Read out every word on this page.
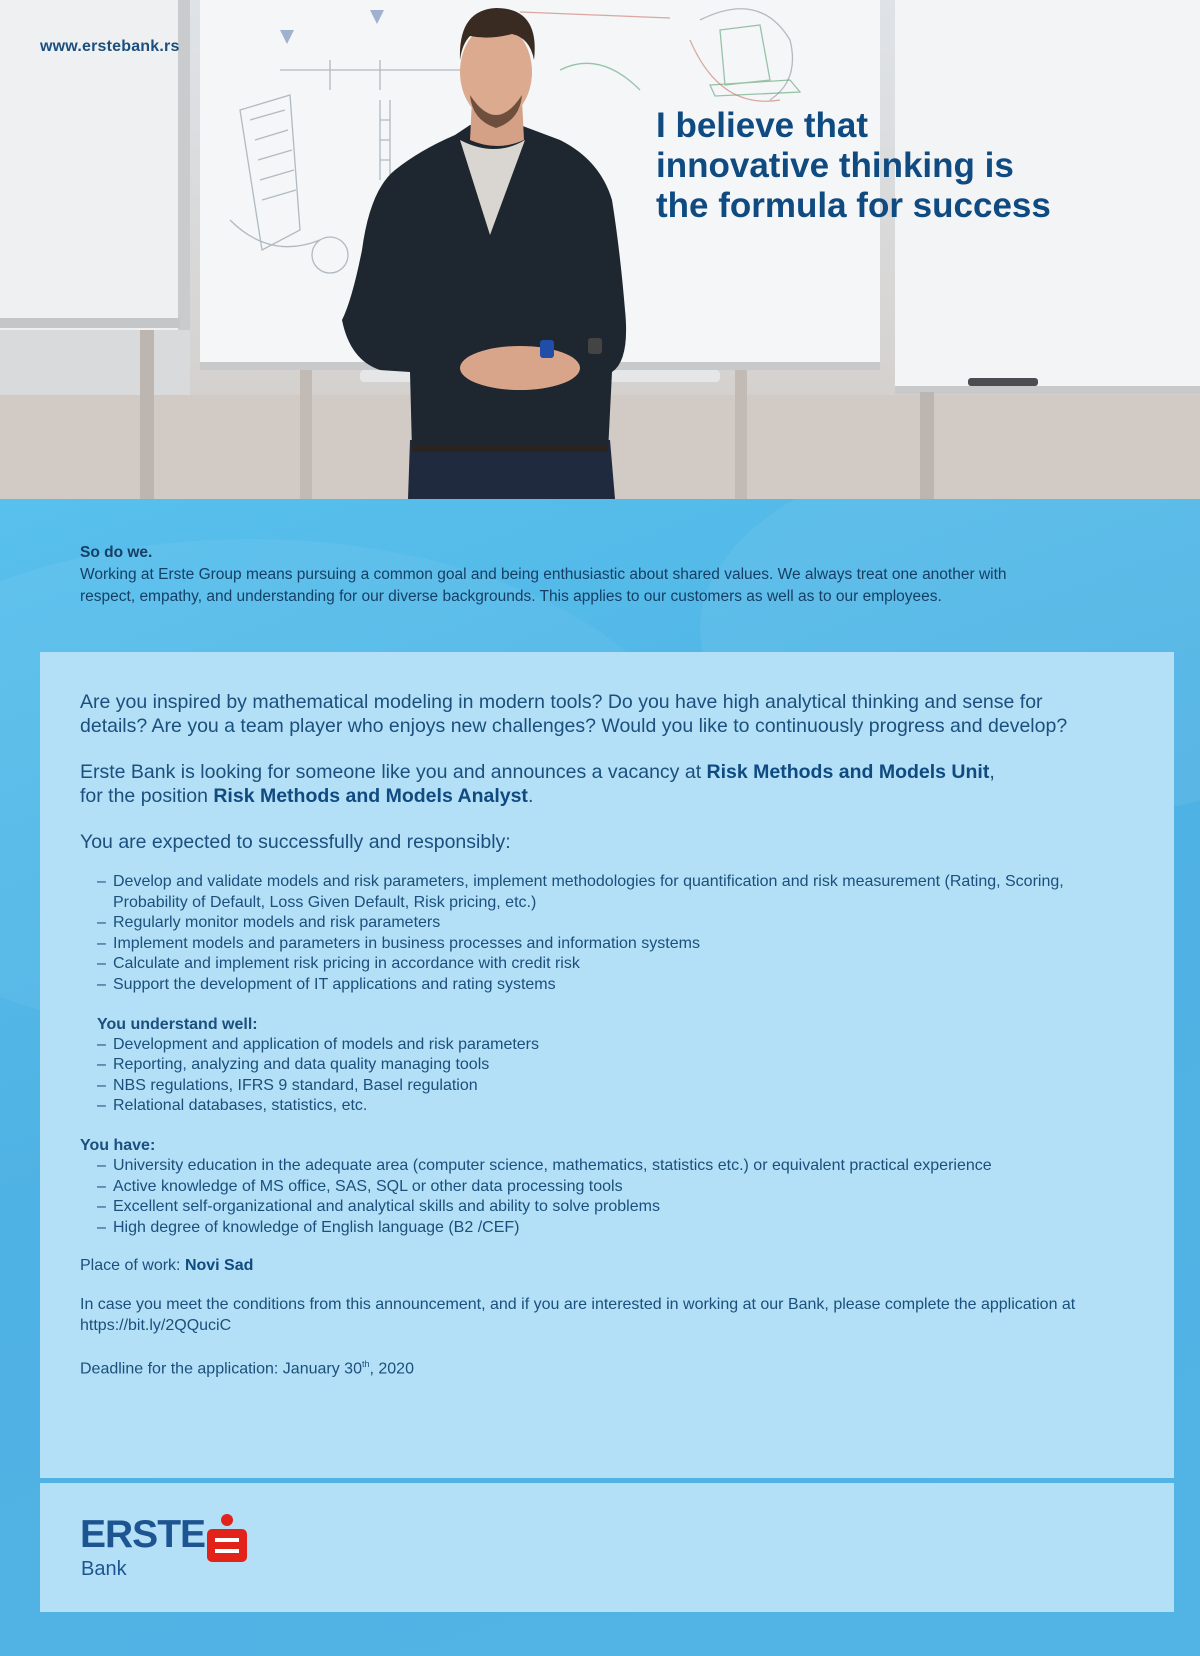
www.erstebank.rs
I believe that
innovative thinking is
the formula for success
So do we.
Working at Erste Group means pursuing a common goal and being enthusiastic about shared values. We always treat one another with respect, empathy, and understanding for our diverse backgrounds. This applies to our customers as well as to our employees.

Are you inspired by mathematical modeling in modern tools? Do you have high analytical thinking and sense for details? Are you a team player who enjoys new challenges? Would you like to continuously progress and develop?

Erste Bank is looking for someone like you and announces a vacancy at Risk Methods and Models Unit,
for the position Risk Methods and Models Analyst.

You are expected to successfully and responsibly:

– Develop and validate models and risk parameters, implement methodologies for quantification and risk measurement (Rating, Scoring, Probability of Default, Loss Given Default, Risk pricing, etc.)
– Regularly monitor models and risk parameters
– Implement models and parameters in business processes and information systems
– Calculate and implement risk pricing in accordance with credit risk
– Support the development of IT applications and rating systems

You understand well:

– Development and application of models and risk parameters
– Reporting, analyzing and data quality managing tools
– NBS regulations, IFRS 9 standard, Basel regulation
– Relational databases, statistics, etc.

You have:

– University education in the adequate area (computer science, mathematics, statistics etc.) or equivalent practical experience
– Active knowledge of MS office, SAS, SQL or other data processing tools
– Excellent self-organizational and analytical skills and ability to solve problems
– High degree of knowledge of English language (B2 /CEF)

Place of work: Novi Sad

In case you meet the conditions from this announcement, and if you are interested in working at our Bank, please complete the application at https://bit.ly/2QQuciC

Deadline for the application: January 30th, 2020

ERSTE
Bank
